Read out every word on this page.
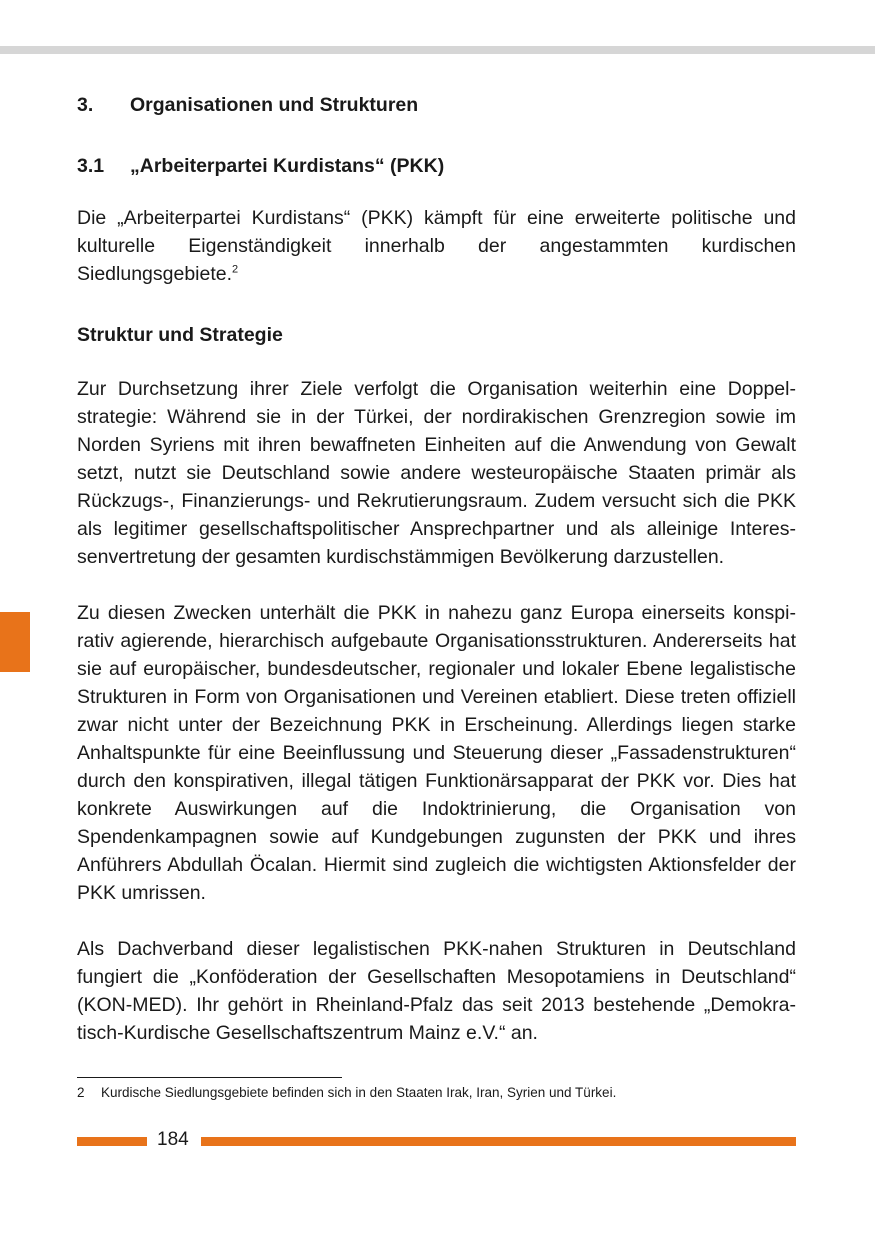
3.	Organisationen und Strukturen
3.1	„Arbeiterpartei Kurdistans“ (PKK)

Die „Arbeiterpartei Kurdistans“ (PKK) kämpft für eine erweiterte politische und kulturelle Eigenständigkeit innerhalb der angestammten kurdischen Siedlungsgebiete.$^2$

Struktur und Strategie

Zur Durchsetzung ihrer Ziele verfolgt die Organisation weiterhin eine Doppelstrategie: Während sie in der Türkei, der nordirakischen Grenzregion sowie im Norden Syriens mit ihren bewaffneten Einheiten auf die Anwendung von Gewalt setzt, nutzt sie Deutschland sowie andere westeuropäische Staaten primär als Rückzugs-, Finanzierungs- und Rekrutierungsraum. Zudem versucht sich die PKK als legitimer gesellschaftspolitischer Ansprechpartner und als alleinige Interessenvertretung der gesamten kurdischstämmigen Bevölkerung darzustellen.

Zu diesen Zwecken unterhält die PKK in nahezu ganz Europa einerseits konspirativ agierende, hierarchisch aufgebaute Organisationsstrukturen. Andererseits hat sie auf europäischer, bundesdeutscher, regionaler und lokaler Ebene legalistische Strukturen in Form von Organisationen und Vereinen etabliert. Diese treten offiziell zwar nicht unter der Bezeichnung PKK in Erscheinung. Allerdings liegen starke Anhaltspunkte für eine Beeinflussung und Steuerung dieser „Fassadenstrukturen“ durch den konspirativen, illegal tätigen Funktionärsapparat der PKK vor. Dies hat konkrete Auswirkungen auf die Indoktrinierung, die Organisation von Spendenkampagnen sowie auf Kundgebungen zugunsten der PKK und ihres Anführers Abdullah Öcalan. Hiermit sind zugleich die wichtigsten Aktionsfelder der PKK umrissen.

Als Dachverband dieser legalistischen PKK-nahen Strukturen in Deutschland fungiert die „Konföderation der Gesellschaften Mesopotamiens in Deutschland“ (KON-MED). Ihr gehört in Rheinland-Pfalz das seit 2013 bestehende „Demokratisch-Kurdische Gesellschaftszentrum Mainz e.V.“ an.

2	Kurdische Siedlungsgebiete befinden sich in den Staaten Irak, Iran, Syrien und Türkei.
184
